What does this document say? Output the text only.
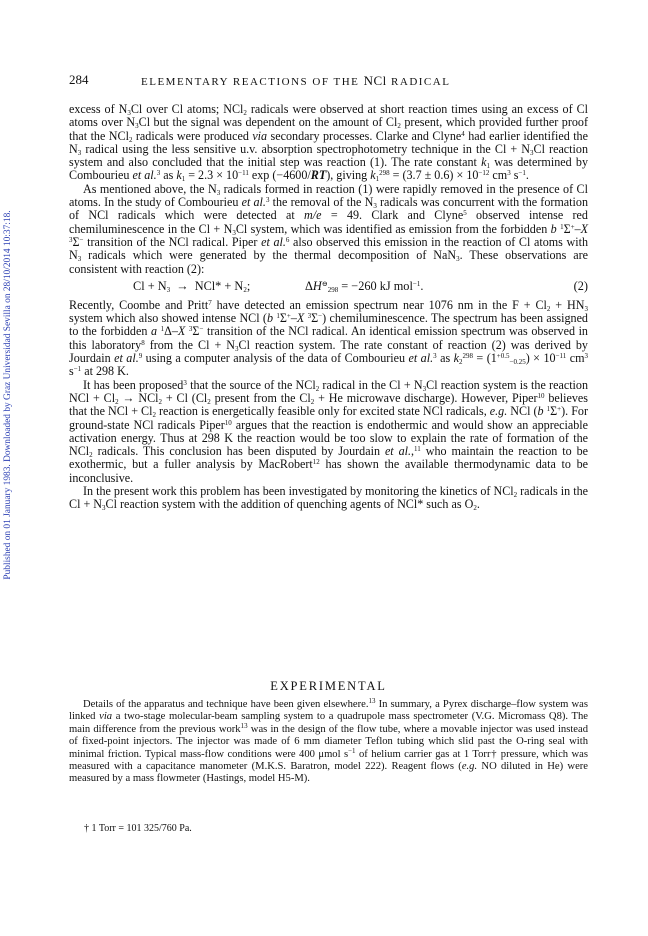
Published on 01 January 1983. Downloaded by Graz Universidad Sevilla on 28/10/2014 10:37:18.
284	ELEMENTARY REACTIONS OF THE NCl RADICAL

excess of $N_3Cl$ over Cl atoms; NCl$_2$ radicals were observed at short reaction times using an excess of Cl atoms over $N_3Cl$ but the signal was dependent on the amount of $Cl_2$ present, which provided further proof that the NCl$_2$ radicals were produced via secondary processes. Clarke and Clyne$^4$ had earlier identified the $N_3$ radical using the less sensitive u.v. absorption spectrophotometry technique in the $Cl + N_3Cl$ reaction system and also concluded that the initial step was reaction (1). The rate constant $k_1$ was determined by Combourieu et al.$^3$ as $k_1 = 2.3 \times 10^{-11}$ exp (−4600/RT), giving $k_1^{298} = (3.7 \pm 0.6) \times 10^{-12}$ $cm^3$ $s^{-1}$.

As mentioned above, the $N_3$ radicals formed in reaction (1) were rapidly removed in the presence of Cl atoms. In the study of Combourieu et al.$^3$ the removal of the $N_3$ radicals was concurrent with the formation of NCl radicals which were detected at m/e = 49. Clark and Clyne$^5$ observed intense red chemiluminescence in the $Cl + N_3Cl$ system, which was identified as emission from the forbidden b $^1$Σ+–X $^3$Σ− transition of the NCl radical. Piper et al.$^6$ also observed this emission in the reaction of Cl atoms with $N_3$ radicals which were generated by the thermal decomposition of NaN$_3$. These observations are consistent with reaction (2):

$Cl + N_3 \to NCl* + N_2$;	$\Delta H^⊖_{298} = -260$ kJ mol$^{-1}$.	(2)

Recently, Coombe and Pritt$^7$ have detected an emission spectrum near 1076 nm in the $F + Cl_2 + HN_3$ system which also showed intense NCl (b $^1$Σ+–X $^3$Σ−) chemiluminescence. The spectrum has been assigned to the forbidden a $^1$Δ–X $^3$Σ− transition of the NCl radical. An identical emission spectrum was observed in this laboratory$^8$ from the $Cl + N_3Cl$ reaction system. The rate constant of reaction (2) was derived by Jourdain et al.$^9$ using a computer analysis of the data of Combourieu et al.$^3$ as $k_2^{298} = (1^{+0.5}_{-0.25}) \times 10^{-11}$ $cm^3$ $s^{-1}$ at 298 K.

It has been proposed$^3$ that the source of the NCl$_2$ radical in the $Cl + N_3Cl$ reaction system is the reaction NCl + $Cl_2 \to NCl_2 + Cl$ ($Cl_2$ present from the $Cl_2 + He$ microwave discharge). However, Piper$^{10}$ believes that the NCl + $Cl_2$ reaction is energetically feasible only for excited state NCl radicals, e.g. NCl (b $^1$Σ+). For ground-state NCl radicals Piper$^{10}$ argues that the reaction is endothermic and would show an appreciable activation energy. Thus at 298 K the reaction would be too slow to explain the rate of formation of the NCl$_2$ radicals. This conclusion has been disputed by Jourdain et al.,$^{11}$ who maintain the reaction to be exothermic, but a fuller analysis by MacRobert$^{12}$ has shown the available thermodynamic data to be inconclusive.

In the present work this problem has been investigated by monitoring the kinetics of NCl$_2$ radicals in the $Cl + N_3Cl$ reaction system with the addition of quenching agents of NCl* such as $O_2$.

EXPERIMENTAL

Details of the apparatus and technique have been given elsewhere.$^{13}$ In summary, a Pyrex discharge–flow system was linked via a two-stage molecular-beam sampling system to a quadrupole mass spectrometer (V.G. Micromass Q8). The main difference from the previous work$^{13}$ was in the design of the flow tube, where a movable injector was used instead of fixed-point injectors. The injector was made of 6 mm diameter Teflon tubing which slid past the O-ring seal with minimal friction. Typical mass-flow conditions were 400 μmol $s^{-1}$ of helium carrier gas at 1 Torr† pressure, which was measured with a capacitance manometer (M.K.S. Baratron, model 222). Reagent flows (e.g. NO diluted in He) were measured by a mass flowmeter (Hastings, model H5-M).

† 1 Torr = 101 325/760 Pa.
